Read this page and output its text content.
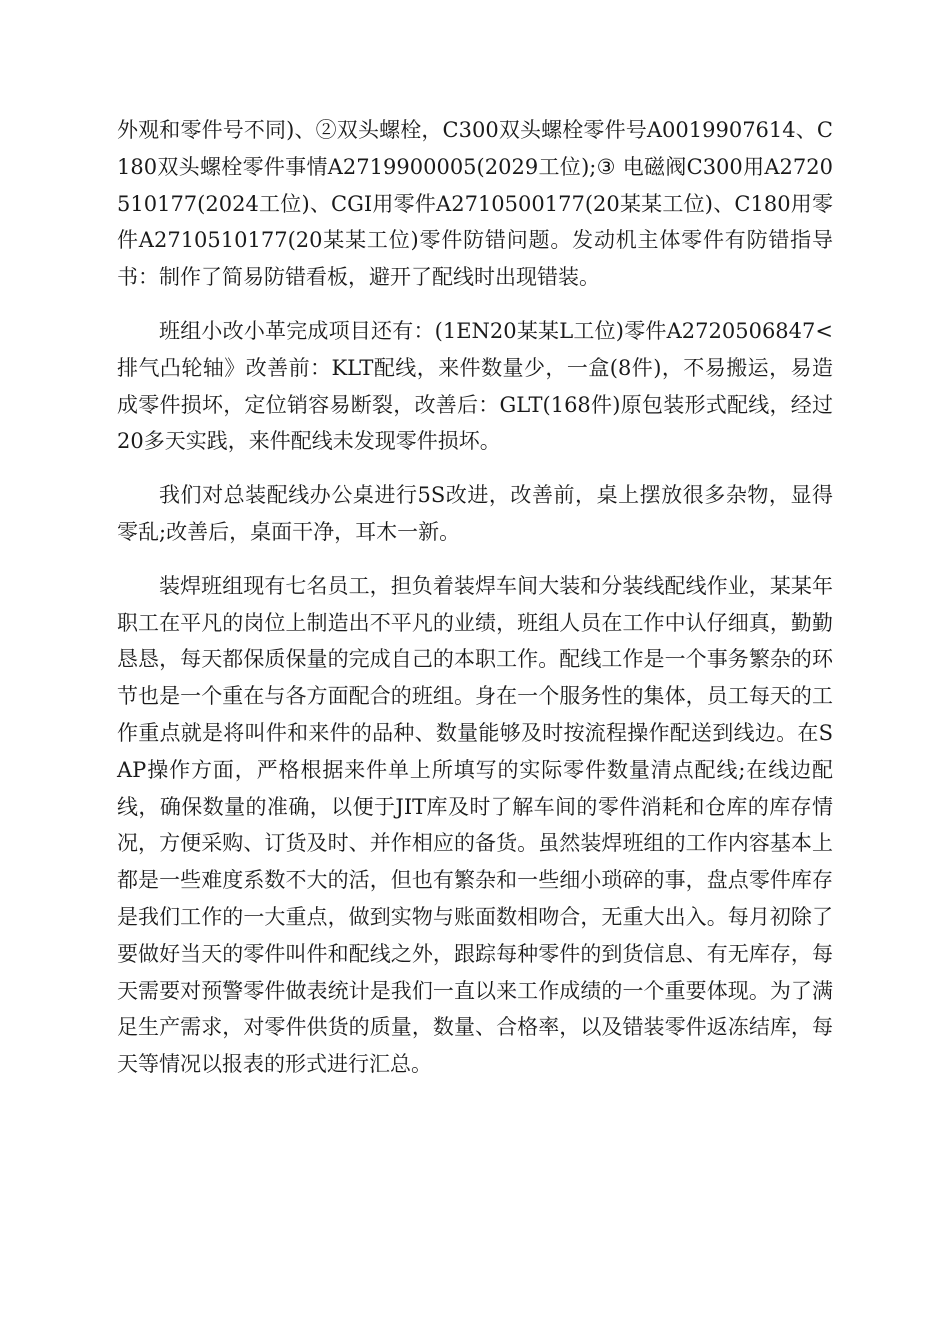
外观和零件号不同)、②双头螺栓，C300双头螺栓零件号A0019907614、C180双头螺栓零件事情A2719900005(2029工位);③ 电磁阀C300用A2720510177(2024工位)、CGI用零件A2710500177(20某某工位)、C180用零件A2710510177(20某某工位)零件防错问题。发动机主体零件有防错指导书：制作了简易防错看板，避开了配线时出现错装。

班组小改小革完成项目还有：(1EN20某某L工位)零件A2720506847<排气凸轮轴》改善前：KLT配线，来件数量少，一盒(8件)，不易搬运，易造成零件损坏，定位销容易断裂，改善后：GLT(168件)原包装形式配线，经过20多天实践，来件配线未发现零件损坏。

我们对总装配线办公桌进行5S改进，改善前，桌上摆放很多杂物，显得零乱;改善后，桌面干净，耳木一新。

装焊班组现有七名员工，担负着装焊车间大装和分装线配线作业，某某年职工在平凡的岗位上制造出不平凡的业绩，班组人员在工作中认仔细真，勤勤恳恳，每天都保质保量的完成自己的本职工作。配线工作是一个事务繁杂的环节也是一个重在与各方面配合的班组。身在一个服务性的集体，员工每天的工作重点就是将叫件和来件的品种、数量能够及时按流程操作配送到线边。在SAP操作方面，严格根据来件单上所填写的实际零件数量清点配线;在线边配线，确保数量的准确，以便于JIT库及时了解车间的零件消耗和仓库的库存情况，方便采购、订货及时、并作相应的备货。虽然装焊班组的工作内容基本上都是一些难度系数不大的活，但也有繁杂和一些细小琐碎的事，盘点零件库存是我们工作的一大重点，做到实物与账面数相吻合，无重大出入。每月初除了要做好当天的零件叫件和配线之外，跟踪每种零件的到货信息、有无库存，每天需要对预警零件做表统计是我们一直以来工作成绩的一个重要体现。为了满足生产需求，对零件供货的质量，数量、合格率，以及错装零件返冻结库，每天等情况以报表的形式进行汇总。
